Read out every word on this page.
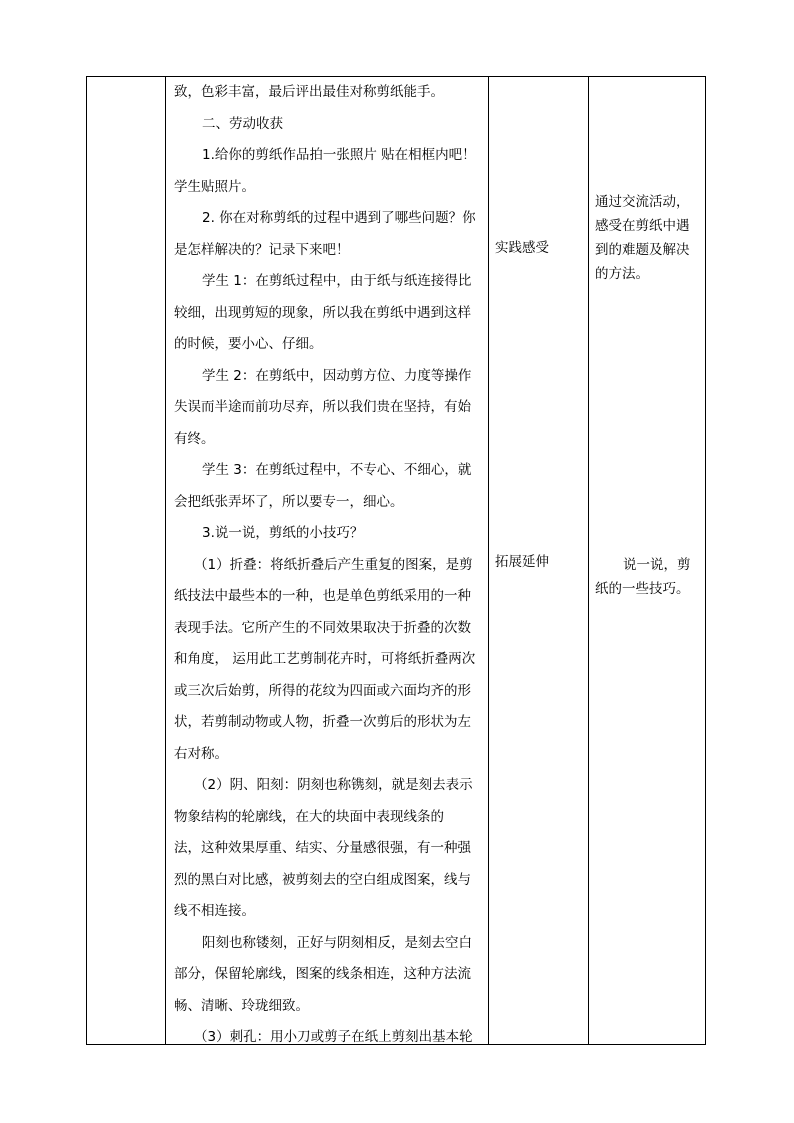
致，色彩丰富，最后评出最佳对称剪纸能手。
二、劳动收获
1.给你的剪纸作品拍一张照片 贴在相框内吧！
学生贴照片。
2. 你在对称剪纸的过程中遇到了哪些问题？你
是怎样解决的？记录下来吧！
学生 1：在剪纸过程中，由于纸与纸连接得比
较细，出现剪短的现象，所以我在剪纸中遇到这样
的时候，要小心、仔细。
学生 2：在剪纸中，因动剪方位、力度等操作
失误而半途而前功尽弃，所以我们贵在坚持，有始
有终。
学生 3：在剪纸过程中，不专心、不细心，就
会把纸张弄坏了，所以要专一，细心。
3.说一说，剪纸的小技巧？
（1）折叠：将纸折叠后产生重复的图案，是剪
纸技法中最些本的一种，也是单色剪纸采用的一种
表现手法。它所产生的不同效果取决于折叠的次数
和角度， 运用此工艺剪制花卉时，可将纸折叠两次
或三次后始剪，所得的花纹为四面或六面均齐的形
状，若剪制动物或人物，折叠一次剪后的形状为左
右对称。
（2）阴、阳刻：阴刻也称镌刻，就是刻去表示
物象结构的轮廓线，在大的块面中表现线条的
法，这种效果厚重、结实、分量感很强，有一种强
烈的黑白对比感，被剪刻去的空白组成图案，线与
线不相连接。
阳刻也称镂刻，正好与阴刻相反，是刻去空白
部分，保留轮廓线，图案的线条相连，这种方法流
畅、清晰、玲珑细致。
（3）刺孔：用小刀或剪子在纸上剪刻出基本轮
实践感受
拓展延伸
通过交流活动，
感受在剪纸中遇
到的难题及解决
的方法。
说一说，剪
纸的一些技巧。
